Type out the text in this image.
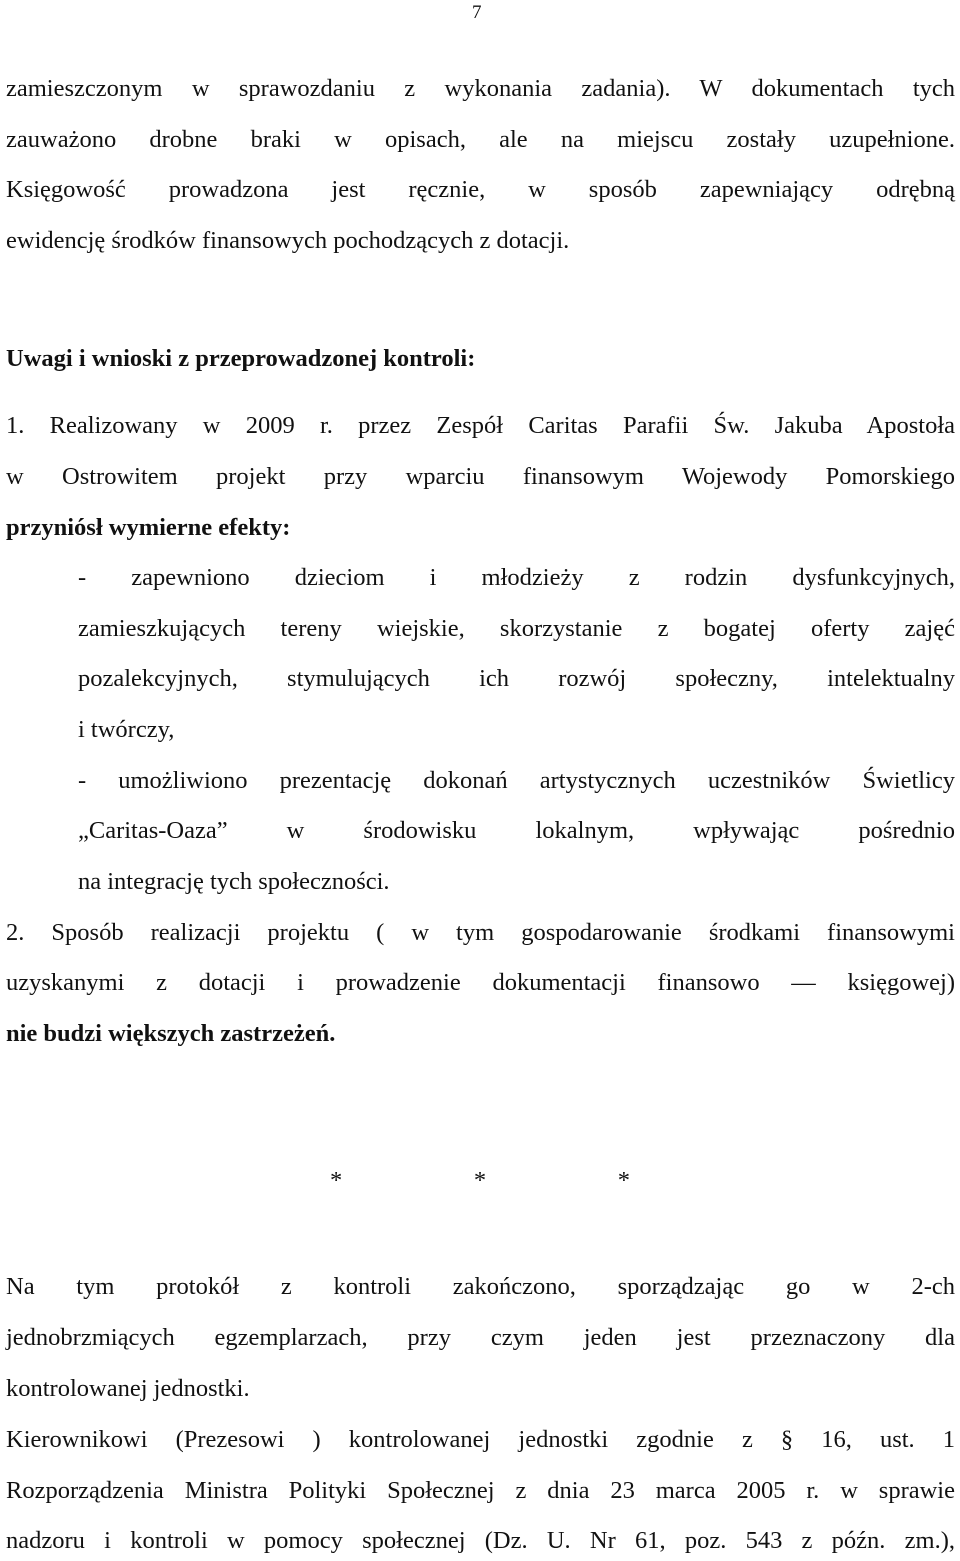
7
zamieszczonym w sprawozdaniu z wykonania zadania). W dokumentach tych
zauważono drobne braki w opisach, ale na miejscu zostały uzupełnione.
Księgowość prowadzona jest ręcznie, w sposób zapewniający odrębną
ewidencję środków finansowych pochodzących z dotacji.
Uwagi i wnioski z przeprowadzonej kontroli:
1. Realizowany w 2009 r. przez Zespół Caritas Parafii Św. Jakuba Apostoła
w Ostrowitem projekt przy wparciu finansowym Wojewody Pomorskiego
przyniósł wymierne efekty:
- zapewniono dzieciom i młodzieży z rodzin dysfunkcyjnych,
zamieszkujących tereny wiejskie, skorzystanie z bogatej oferty zajęć
pozalekcyjnych, stymulujących ich rozwój społeczny, intelektualny
i twórczy,
- umożliwiono prezentację dokonań artystycznych uczestników Świetlicy
„Caritas-Oaza” w środowisku lokalnym, wpływając pośrednio
na integrację tych społeczności.
2. Sposób realizacji projektu ( w tym gospodarowanie środkami finansowymi
uzyskanymi z dotacji i prowadzenie dokumentacji finansowo — księgowej)
nie budzi większych zastrzeżeń.
*	*	*
Na tym protokół z kontroli zakończono, sporządzając go w 2-ch
jednobrzmiących egzemplarzach, przy czym jeden jest przeznaczony dla
kontrolowanej jednostki.
Kierownikowi (Prezesowi ) kontrolowanej jednostki zgodnie z § 16, ust. 1
Rozporządzenia Ministra Polityki Społecznej z dnia 23 marca 2005 r. w sprawie
nadzoru i kontroli w pomocy społecznej (Dz. U. Nr 61, poz. 543 z późn. zm.),
